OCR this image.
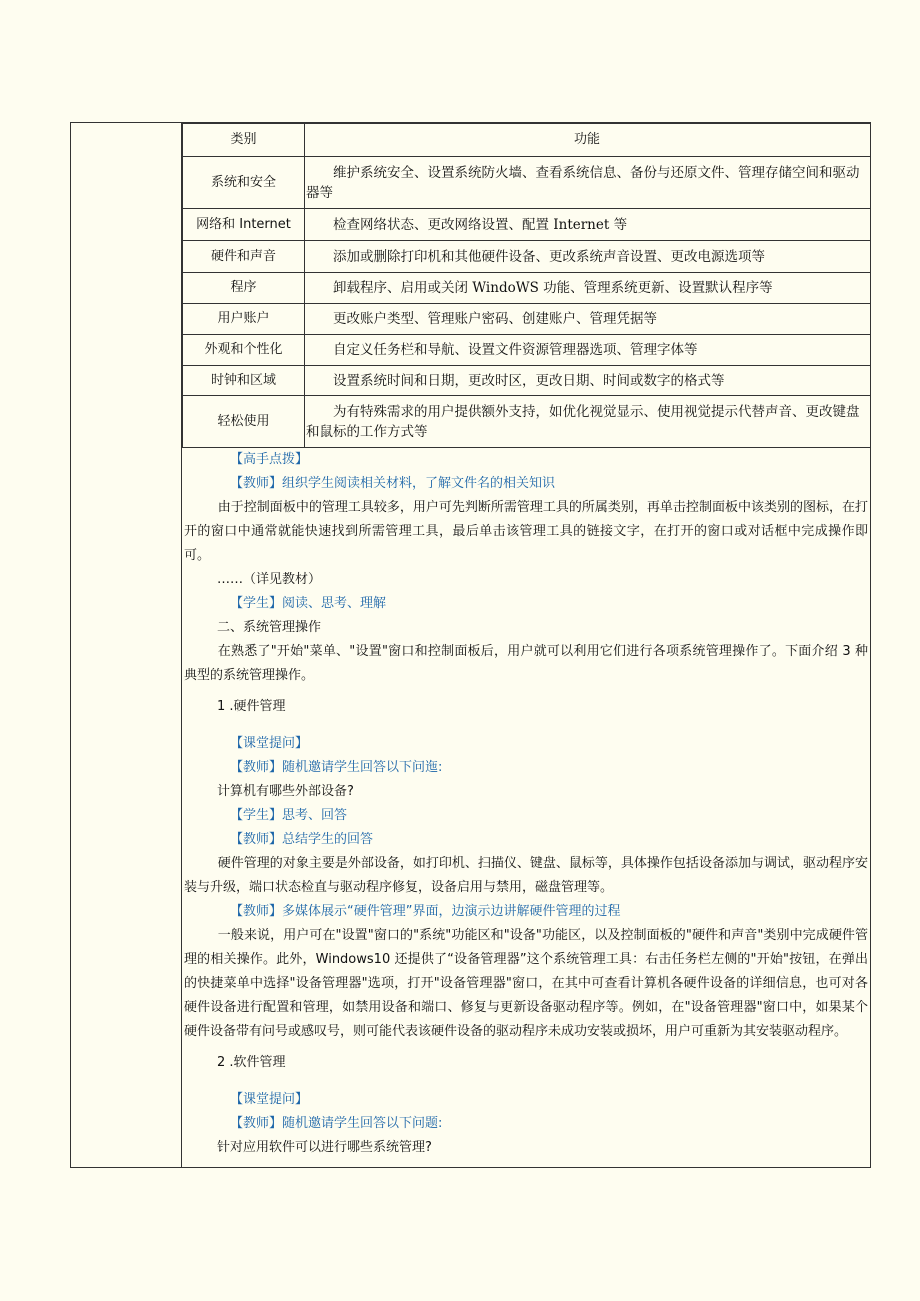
类别	功能
系统和安全	维护系统安全、设置系统防火墙、查看系统信息、备份与还原文件、管理存储空间和驱动器等
网络和 Internet	检查网络状态、更改网络设置、配置 Internet 等
硬件和声音	添加或删除打印机和其他硬件设备、更改系统声音设置、更改电源选项等
程序	卸载程序、启用或关闭 WindoWS 功能、管理系统更新、设置默认程序等
用户账户	更改账户类型、管理账户密码、创建账户、管理凭据等
外观和个性化	自定义任务栏和导航、设置文件资源管理器选项、管理字体等
时钟和区域	设置系统时间和日期，更改时区，更改日期、时间或数字的格式等
轻松使用	为有特殊需求的用户提供额外支持，如优化视觉显示、使用视觉提示代替声音、更改键盘和鼠标的工作方式等

【高手点拨】

【教师】组织学生阅读相关材料，了解文件名的相关知识

由于控制面板中的管理工具较多，用户可先判断所需管理工具的所属类别，再单击控制面板中该类别的图标，在打开的窗口中通常就能快速找到所需管理工具，最后单击该管理工具的链接文字，在打开的窗口或对话框中完成操作即可。

……（详见教材）

【学生】阅读、思考、理解

二、系统管理操作

在熟悉了"开始"菜单、"设置"窗口和控制面板后，用户就可以利用它们进行各项系统管理操作了。下面介绍 3 种典型的系统管理操作。

1 .硬件管理

【课堂提问】

【教师】随机邀请学生回答以下问迤:

计算机有哪些外部设备?

【学生】思考、回答

【教师】总结学生的回答

硬件管理的对象主要是外部设备，如打印机、扫描仪、键盘、鼠标等，具体操作包括设备添加与调试，驱动程序安装与升级，端口状态检直与驱动程序修复，设备启用与禁用，磁盘管理等。

【教师】多媒体展示“硬件管理”界面，边演示边讲解硬件管理的过程

一般来说，用户可在"设置"窗口的"系统"功能区和"设备"功能区，以及控制面板的"硬件和声音"类别中完成硬件管理的相关操作。此外，Windows10 还提供了“设备管理器”这个系统管理工具：右击任务栏左侧的"开始"按钮，在弹出的快捷菜单中选择"设备管理器"选项，打开"设备管理器"窗口，在其中可查看计算机各硬件设备的详细信息，也可对各硬件设备进行配置和管理，如禁用设备和端口、修复与更新设备驱动程序等。例如，在"设备管理器"窗口中，如果某个硬件设备带有问号或感叹号，则可能代表该硬件设备的驱动程序未成功安装或损坏，用户可重新为其安装驱动程序。

2 .软件管理

【课堂提问】

【教师】随机邀请学生回答以下问题:

针对应用软件可以进行哪些系统管理?
